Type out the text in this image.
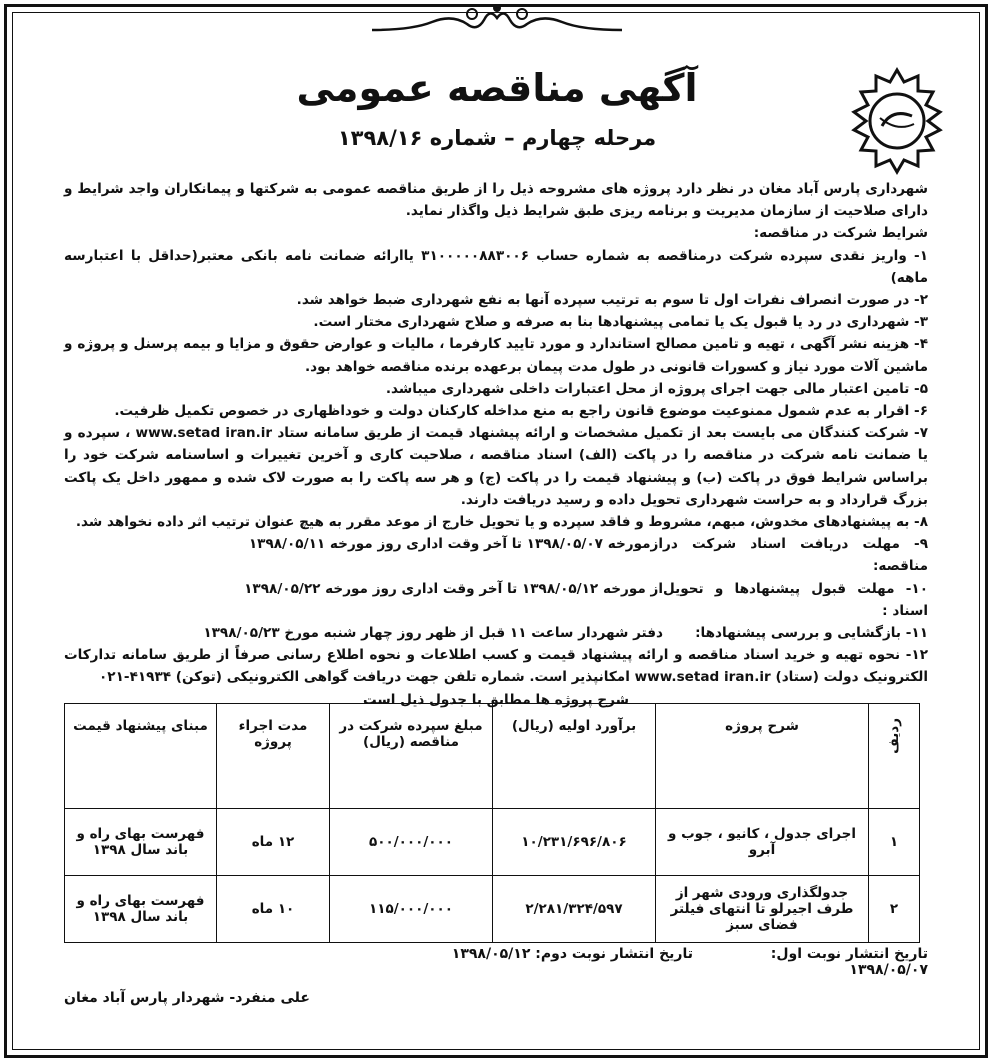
آگهی مناقصه عمومی
مرحله چهارم – شماره ۱۳۹۸/۱۶

شهرداری پارس آباد مغان در نظر دارد پروژه های مشروحه ذیل را از طریق مناقصه عمومی به شرکتها و پیمانکاران واجد شرایط و دارای صلاحیت از سازمان مدیریت و برنامه ریزی طبق شرایط ذیل واگذار نماید.

شرایط شرکت در مناقصه:

۱- واریز نقدی سپرده شرکت درمناقصه به شماره حساب ۳۱۰۰۰۰۰۸۸۳۰۰۶ یاارائه ضمانت نامه بانکی معتبر(حداقل با اعتبارسه ماهه)

۲- در صورت انصراف نفرات اول تا سوم به ترتیب سپرده آنها به نفع شهرداری ضبط خواهد شد.

۳- شهرداری در رد یا قبول یک یا تمامی پیشنهادها بنا به صرفه و صلاح شهرداری مختار است.

۴- هزینه نشر آگهی ، تهیه و تامین مصالح استاندارد و مورد تایید کارفرما ، مالیات و عوارض حقوق و مزایا و بیمه پرسنل و پروژه و ماشین آلات مورد نیاز و کسورات قانونی در طول مدت پیمان برعهده برنده مناقصه خواهد بود.

۵- تامین اعتبار مالی جهت اجرای پروژه از محل اعتبارات داخلی شهرداری میباشد.

۶- اقرار به عدم شمول ممنوعیت موضوع قانون راجع به منع مداخله کارکنان دولت و خوداظهاری در خصوص تکمیل ظرفیت.

۷- شرکت کنندگان می بایست بعد از تکمیل مشخصات و ارائه پیشنهاد قیمت از طریق سامانه ستاد www.setad iran.ir ، سپرده و یا ضمانت نامه شرکت در مناقصه را در پاکت (الف) اسناد مناقصه ، صلاحیت کاری و آخرین تغییرات و اساسنامه شرکت خود را براساس شرایط فوق در پاکت (ب) و پیشنهاد قیمت را در پاکت (ج) و هر سه پاکت را به صورت لاک شده و ممهور داخل یک پاکت بزرگ قرارداد و به حراست شهرداری تحویل داده و رسید دریافت دارند.

۸- به پیشنهادهای مخدوش، مبهم، مشروط و فاقد سپرده و یا تحویل خارج از موعد مقرر به هیچ عنوان ترتیب اثر داده نخواهد شد.

۹- مهلت دریافت اسناد شرکت در مناقصه:
ازمورخه ۱۳۹۸/۰۵/۰۷ تا آخر وقت اداری روز مورخه ۱۳۹۸/۰۵/۱۱
۱۰- مهلت قبول پیشنهادها و تحویل اسناد :
از مورخه ۱۳۹۸/۰۵/۱۲ تا آخر وقت اداری روز مورخه ۱۳۹۸/۰۵/۲۲
۱۱- بازگشایی و بررسی پیشنهادها:
دفتر شهردار ساعت ۱۱ قبل از ظهر روز چهار شنبه مورخ ۱۳۹۸/۰۵/۲۳

۱۲- نحوه تهیه و خرید اسناد مناقصه و ارائه پیشنهاد قیمت و کسب اطلاعات و نحوه اطلاع رسانی صرفاً از طریق سامانه تدارکات الکترونیک دولت (ستاد) www.setad iran.ir امکانپذیر است. شماره تلفن جهت دریافت گواهی الکترونیکی (توکن) ۴۱۹۳۴-۰۲۱

شرح پروژه ها مطابق با جدول ذیل است

ردیف	شرح پروژه	برآورد اولیه (ریال)	مبلغ سپرده شرکت در مناقصه (ریال)	مدت اجراء پروژه	مبنای پیشنهاد قیمت
۱	اجرای جدول ، کانیو ، جوب و آبرو	۱۰/۲۳۱/۶۹۶/۸۰۶	۵۰۰/۰۰۰/۰۰۰	۱۲ ماه	فهرست بهای راه و باند سال ۱۳۹۸
۲	جدولگذاری ورودی شهر از طرف اجیرلو تا انتهای فیلتر فضای سبز	۲/۲۸۱/۳۲۴/۵۹۷	۱۱۵/۰۰۰/۰۰۰	۱۰ ماه	فهرست بهای راه و باند سال ۱۳۹۸
تاریخ انتشار نوبت اول: ۱۳۹۸/۰۵/۰۷
تاریخ انتشار نوبت دوم: ۱۳۹۸/۰۵/۱۲
علی منفرد- شهردار پارس آباد مغان
